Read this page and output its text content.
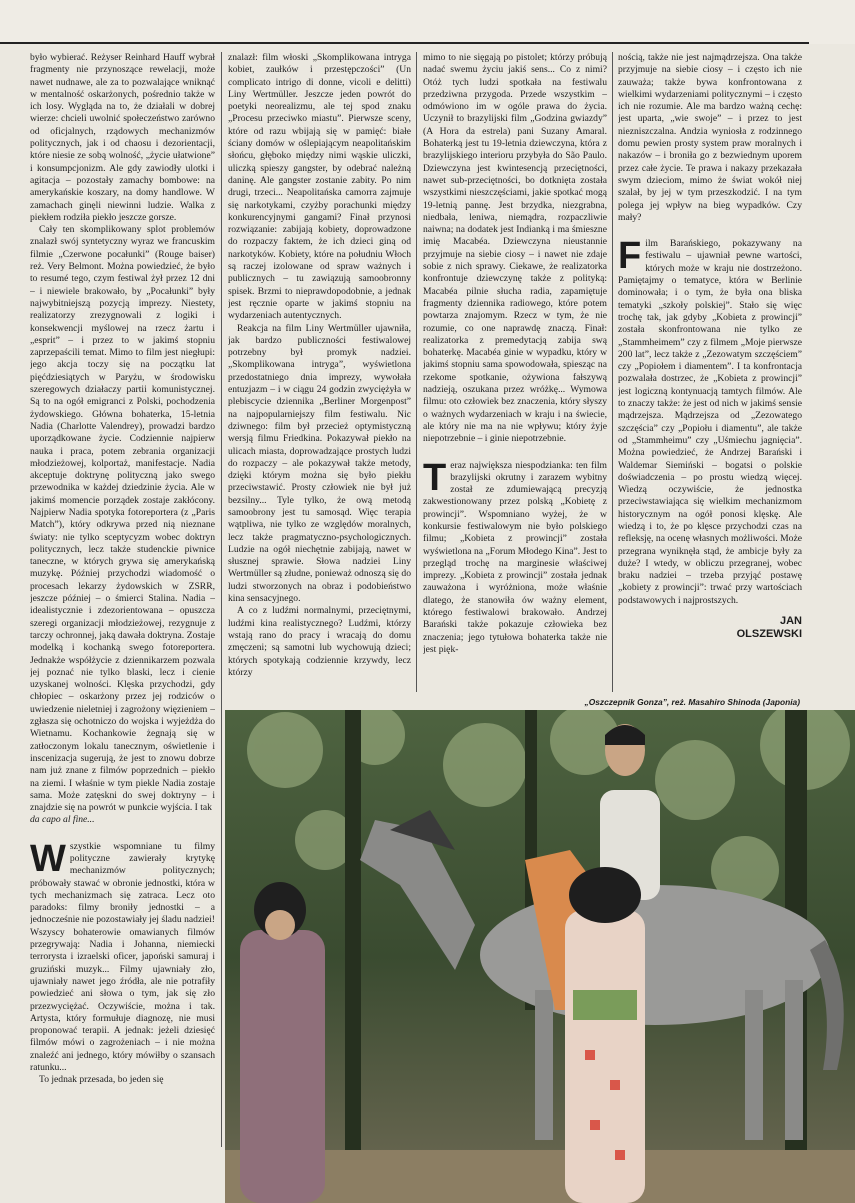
było wybierać. Reżyser Reinhard Hauff wybrał fragmenty nie przynoszące rewelacji, może nawet nudnawe, ale za to pozwalające wniknąć w mentalność oskarżonych, pośrednio także w ich losy. Wygląda na to, że działali w dobrej wierze: chcieli uwolnić społeczeństwo zarówno od oficjalnych, rządowych mechanizmów politycznych, jak i od chaosu i dezorientacji, które niesie ze sobą wolność, „życie ułatwione” i konsumpcjonizm. Ale gdy zawiodły ulotki i agitacja – pozostały zamachy bombowe: na amerykańskie koszary, na domy handlowe. W zamachach ginęli niewinni ludzie. Walka z piekłem rodziła piekło jeszcze gorsze.

Cały ten skomplikowany splot problemów znalazł swój syntetyczny wyraz we francuskim filmie „Czerwone pocałunki” (Rouge baiser) reż. Very Belmont. Można powiedzieć, że było to resumé tego, czym festiwal żył przez 12 dni – i niewiele brakowało, by „Pocałunki” były najwybitniejszą pozycją imprezy. Niestety, realizatorzy zrezygnowali z logiki i konsekwencji myślowej na rzecz żartu i „esprit” – i przez to w jakimś stopniu zaprzepaścili temat. Mimo to film jest niegłupi: jego akcja toczy się na początku lat pięćdziesiątych w Paryżu, w środowisku szeregowych działaczy partii komunistycznej. Są to na ogół emigranci z Polski, pochodzenia żydowskiego. Główna bohaterka, 15-letnia Nadia (Charlotte Valendrey), prowadzi bardzo uporządkowane życie. Codziennie najpierw nauka i praca, potem zebrania organizacji młodzieżowej, kolportaż, manifestacje. Nadia akceptuje doktrynę polityczną jako swego przewodnika w każdej dziedzinie życia. Ale w jakimś momencie porządek zostaje zakłócony. Najpierw Nadia spotyka fotoreportera (z „Paris Match”), który odkrywa przed nią nieznane światy: nie tylko sceptycyzm wobec doktryn politycznych, lecz także studenckie piwnice taneczne, w których grywa się amerykańską muzykę. Później przychodzi wiadomość o procesach lekarzy żydowskich w ZSRR, jeszcze później – o śmierci Stalina. Nadia – idealistycznie i zdezorientowana – opuszcza szeregi organizacji młodzieżowej, rezygnuje z tarczy ochronnej, jaką dawała doktryna. Zostaje modelką i kochanką swego fotoreportera. Jednakże współżycie z dziennikarzem pozwala jej poznać nie tylko blaski, lecz i cienie uzyskanej wolności. Klęska przychodzi, gdy chłopiec – oskarżony przez jej rodziców o uwiedzenie nieletniej i zagrożony więzieniem – zgłasza się ochotniczo do wojska i wyjeżdża do Wietnamu. Kochankowie żegnają się w zatłoczonym lokalu tanecznym, oświetlenie i inscenizacja sugerują, że jest to znowu dobrze nam już znane z filmów poprzednich – piekło na ziemi. I właśnie w tym piekle Nadia zostaje sama. Może zatęskni do swej doktryny – i znajdzie się na powrót w punkcie wyjścia. I tak

da capo al fine...

Wszystkie wspomniane tu filmy polityczne zawierały krytykę mechanizmów politycznych; próbowały stawać w obronie jednostki, która w tych mechanizmach się zatraca. Lecz oto paradoks: filmy broniły jednostki – a jednocześnie nie pozostawiały jej śladu nadziei! Wszyscy bohaterowie omawianych filmów przegrywają: Nadia i Johanna, niemiecki terrorysta i izraelski oficer, japoński samuraj i gruziński muzyk... Filmy ujawniały zło, ujawniały nawet jego źródła, ale nie potrafiły powiedzieć ani słowa o tym, jak się zło przezwyciężać. Oczywiście, można i tak. Artysta, który formułuje diagnozę, nie musi proponować terapii. A jednak: jeżeli dziesięć filmów mówi o zagrożeniach – i nie można znaleźć ani jednego, który mówiłby o szansach ratunku...

To jednak przesada, bo jeden się

znalazł: film włoski „Skomplikowana intryga kobiet, zaułków i przestępczości” (Un complicato intrigo di donne, vicoli e delitti) Liny Wertmüller. Jeszcze jeden powrót do poetyki neorealizmu, ale tej spod znaku „Procesu przeciwko miastu”. Pierwsze sceny, które od razu wbijają się w pamięć: białe ściany domów w oślepiającym neapolitańskim słońcu, głęboko między nimi wąskie uliczki, uliczką spieszy gangster, by odebrać należną daninę. Ale gangster zostanie zabity. Po nim drugi, trzeci... Neapolitańska camorra zajmuje się narkotykami, czyżby porachunki między konkurencyjnymi gangami? Finał przynosi rozwiązanie: zabijają kobiety, doprowadzone do rozpaczy faktem, że ich dzieci giną od narkotyków. Kobiety, które na południu Włoch są raczej izolowane od spraw ważnych i publicznych – tu zawiązują samoobronny spisek. Brzmi to nieprawdopodobnie, a jednak jest ręcznie oparte w jakimś stopniu na wydarzeniach autentycznych.

Reakcja na film Liny Wertmüller ujawniła, jak bardzo publiczności festiwalowej potrzebny był promyk nadziei. „Skomplikowana intryga”, wyświetlona przedostatniego dnia imprezy, wywołała entuzjazm – i w ciągu 24 godzin zwyciężyła w plebiscycie dziennika „Berliner Morgenpost” na najpopularniejszy film festiwalu. Nic dziwnego: film był przecież optymistyczną wersją filmu Friedkina. Pokazywał piekło na ulicach miasta, doprowadzające prostych ludzi do rozpaczy – ale pokazywał także metody, dzięki którym można się było piekłu przeciwstawić. Prosty człowiek nie był już bezsilny... Tyle tylko, że ową metodą samoobrony jest tu samosąd. Więc terapia wątpliwa, nie tylko ze względów moralnych, lecz także pragmatyczno-psychologicznych. Ludzie na ogół niechętnie zabijają, nawet w słusznej sprawie. Słowa nadziei Liny Wertmüller są złudne, ponieważ odnoszą się do ludzi stworzonych na obraz i podobieństwo kina sensacyjnego.

A co z ludźmi normalnymi, przeciętnymi, ludźmi kina realistycznego? Ludźmi, którzy wstają rano do pracy i wracają do domu zmęczeni; są samotni lub wychowują dzieci; których spotykają codziennie krzywdy, lecz którzy

mimo to nie sięgają po pistolet; którzy próbują nadać swemu życiu jakiś sens... Co z nimi? Otóż tych ludzi spotkała na festiwalu przedziwna przygoda. Przede wszystkim – odmówiono im w ogóle prawa do życia. Uczynił to brazylijski film „Godzina gwiazdy” (A Hora da estrela) pani Suzany Amaral. Bohaterką jest tu 19-letnia dziewczyna, która z brazylijskiego interioru przybyła do São Paulo. Dziewczyna jest kwintesencją przeciętności, nawet sub-przeciętności, bo dotknięta została wszystkimi nieszczęściami, jakie spotkać mogą 19-letnią pannę. Jest brzydka, niezgrabna, niedbała, leniwa, niemądra, rozpaczliwie naiwna; na dodatek jest Indianką i ma śmieszne imię Macabéa. Dziewczyna nieustannie przyjmuje na siebie ciosy – i nawet nie zdaje sobie z nich sprawy. Ciekawe, że realizatorka konfrontuje dziewczynę także z polityką: Macabéa pilnie słucha radia, zapamiętuje fragmenty dziennika radiowego, które potem powtarza znajomym. Rzecz w tym, że nie rozumie, co one naprawdę znaczą. Finał: realizatorka z premedytacją zabija swą bohaterkę. Macabéa ginie w wypadku, który w jakimś stopniu sama spowodowała, spiesząc na rzekome spotkanie, ożywiona fałszywą nadzieją, oszukana przez wróżkę... Wymowa filmu: oto człowiek bez znaczenia, który słyszy o ważnych wydarzeniach w kraju i na świecie, ale który nie ma na nie wpływu; który żyje niepotrzebnie – i ginie niepotrzebnie.

Teraz największa niespodzianka: ten film brazylijski okrutny i zarazem wybitny został ze zdumiewającą precyzją zakwestionowany przez polską „Kobietę z prowincji”. Wspomniano wyżej, że w konkursie festiwalowym nie było polskiego filmu; „Kobieta z prowincji” została wyświetlona na „Forum Młodego Kina”. Jest to przegląd trochę na marginesie właściwej imprezy. „Kobieta z prowincji” została jednak zauważona i wyróżniona, może właśnie dlatego, że stanowiła ów ważny element, którego festiwalowi brakowało. Andrzej Barański także pokazuje człowieka bez znaczenia; jego tytułowa bohaterka także nie jest pięk-

nością, także nie jest najmądrzejsza. Ona także przyjmuje na siebie ciosy – i często ich nie zauważa; także bywa konfrontowana z wielkimi wydarzeniami politycznymi – i często ich nie rozumie. Ale ma bardzo ważną cechę: jest uparta, „wie swoje” – i przez to jest niezniszczalna. Andzia wyniosła z rodzinnego domu pewien prosty system praw moralnych i nakazów – i broniła go z bezwiednym uporem przez całe życie. Te prawa i nakazy przekazała swym dzieciom, mimo że świat wokół niej szalał, by jej w tym przeszkodzić. I na tym polega jej wpływ na bieg wypadków. Czy mały?

Film Barańskiego, pokazywany na festiwalu – ujawniał pewne wartości, których może w kraju nie dostrzeżono. Pamiętajmy o tematyce, która w Berlinie dominowała; i o tym, że była ona bliska tematyki „szkoły polskiej”. Stało się więc trochę tak, jak gdyby „Kobieta z prowincji” została skonfrontowana nie tylko ze „Stammheimem” czy z filmem „Moje pierwsze 200 lat”, lecz także z „Zezowatym szczęściem” czy „Popiołem i diamentem”. I ta konfrontacja pozwalała dostrzec, że „Kobieta z prowincji” jest logiczną kontynuacją tamtych filmów. Ale to znaczy także: że jest od nich w jakimś sensie mądrzejsza. Mądrzejsza od „Zezowatego szczęścia” czy „Popiołu i diamentu”, ale także od „Stammheimu” czy „Uśmiechu jagnięcia”. Można powiedzieć, że Andrzej Barański i Waldemar Siemiński – bogatsi o polskie doświadczenia – po prostu wiedzą więcej. Wiedzą oczywiście, że jednostka przeciwstawiająca się wielkim mechanizmom historycznym na ogół ponosi klęskę. Ale wiedzą i to, że po klęsce przychodzi czas na refleksję, na ocenę własnych możliwości. Może przegrana wyniknęła stąd, że ambicje były za duże? I wtedy, w obliczu przegranej, wobec braku nadziei – trzeba przyjąć postawę „kobiety z prowincji”: trwać przy wartościach podstawowych i najprostszych.

JAN
OLSZEWSKI
„Oszczepnik Gonza”, reż. Masahiro Shinoda (Japonia)
